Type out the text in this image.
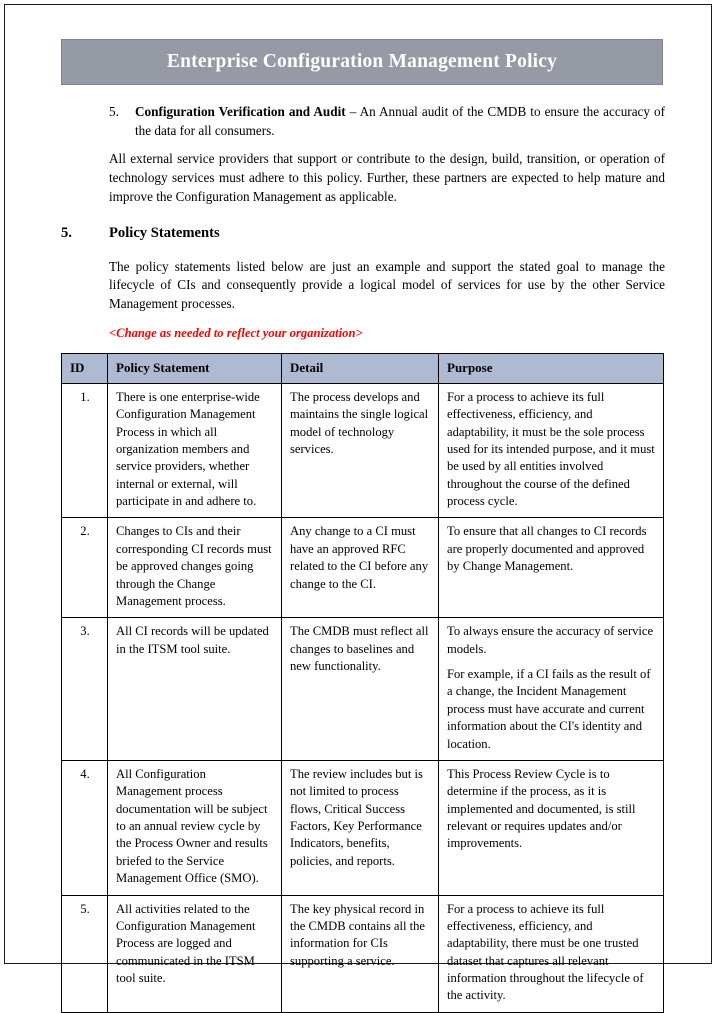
Enterprise Configuration Management Policy
5.	Configuration Verification and Audit – An Annual audit of the CMDB to ensure the accuracy of the data for all consumers.
All external service providers that support or contribute to the design, build, transition, or operation of technology services must adhere to this policy. Further, these partners are expected to help mature and improve the Configuration Management as applicable.
5.	Policy Statements
The policy statements listed below are just an example and support the stated goal to manage the lifecycle of CIs and consequently provide a logical model of services for use by the other Service Management processes.
<Change as needed to reflect your organization>
ID	Policy Statement	Detail	Purpose
1.	There is one enterprise-wide Configuration Management Process in which all organization members and service providers, whether internal or external, will participate in and adhere to.	The process develops and maintains the single logical model of technology services.	For a process to achieve its full effectiveness, efficiency, and adaptability, it must be the sole process used for its intended purpose, and it must be used by all entities involved throughout the course of the defined process cycle.

2.	Changes to CIs and their corresponding CI records must be approved changes going through the Change Management process.	Any change to a CI must have an approved RFC related to the CI before any change to the CI.	To ensure that all changes to CI records are properly documented and approved by Change Management.

3.	All CI records will be updated in the ITSM tool suite.	The CMDB must reflect all changes to baselines and new functionality.	To always ensure the accuracy of service models.

For example, if a CI fails as the result of a change, the Incident Management process must have accurate and current information about the CI's identity and location.

4.	All Configuration Management process documentation will be subject to an annual review cycle by the Process Owner and results briefed to the Service Management Office (SMO).	The review includes but is not limited to process flows, Critical Success Factors, Key Performance Indicators, benefits, policies, and reports.	This Process Review Cycle is to determine if the process, as it is implemented and documented, is still relevant or requires updates and/or improvements.

5.	All activities related to the Configuration Management Process are logged and communicated in the ITSM tool suite.	The key physical record in the CMDB contains all the information for CIs supporting a service.	For a process to achieve its full effectiveness, efficiency, and adaptability, there must be one trusted dataset that captures all relevant information throughout the lifecycle of the activity.
